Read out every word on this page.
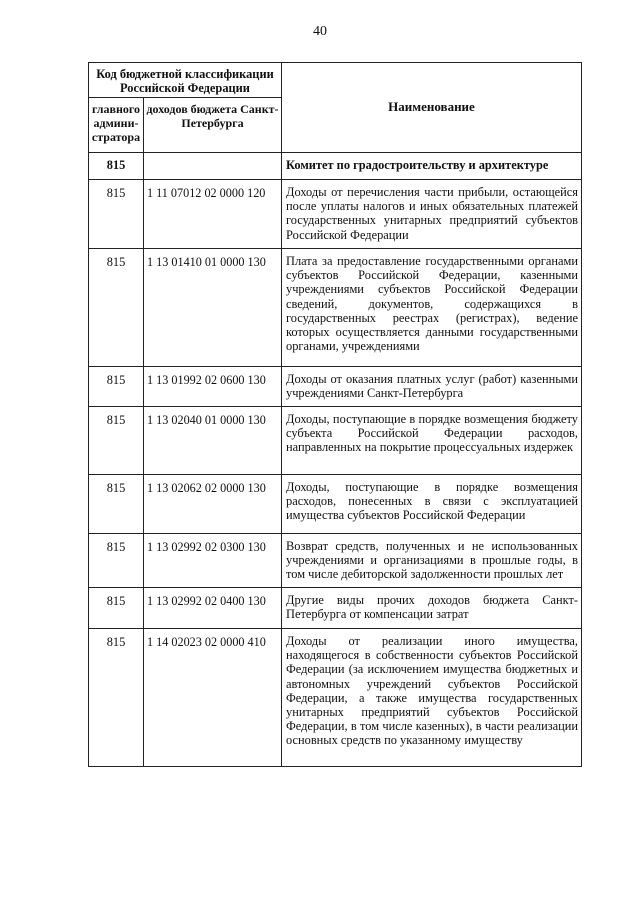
40
Код бюджетной классификации Российской Федерации		Наименование
главного админи-стратора	доходов бюджета Санкт-Петербурга	
815		Комитет по градостроительству и архитектуре
815	1 11 07012 02 0000 120	Доходы от перечисления части прибыли, остающейся после уплаты налогов и иных обязательных платежей государственных унитарных предприятий субъектов Российской Федерации
815	1 13 01410 01 0000 130	Плата за предоставление государственными органами субъектов Российской Федерации, казенными учреждениями субъектов Российской Федерации сведений, документов, содержащихся в государственных реестрах (регистрах), ведение которых осуществляется данными государственными органами, учреждениями
815	1 13 01992 02 0600 130	Доходы от оказания платных услуг (работ) казенными учреждениями Санкт-Петербурга
815	1 13 02040 01 0000 130	Доходы, поступающие в порядке возмещения бюджету субъекта Российской Федерации расходов, направленных на покрытие процессуальных издержек
815	1 13 02062 02 0000 130	Доходы, поступающие в порядке возмещения расходов, понесенных в связи с эксплуатацией имущества субъектов Российской Федерации
815	1 13 02992 02 0300 130	Возврат средств, полученных и не использованных учреждениями и организациями в прошлые годы, в том числе дебиторской задолженности прошлых лет
815	1 13 02992 02 0400 130	Другие виды прочих доходов бюджета Санкт-Петербурга от компенсации затрат
815	1 14 02023 02 0000 410	Доходы от реализации иного имущества, находящегося в собственности субъектов Российской Федерации (за исключением имущества бюджетных и автономных учреждений субъектов Российской Федерации, а также имущества государственных унитарных предприятий субъектов Российской Федерации, в том числе казенных), в части реализации основных средств по указанному имуществу
